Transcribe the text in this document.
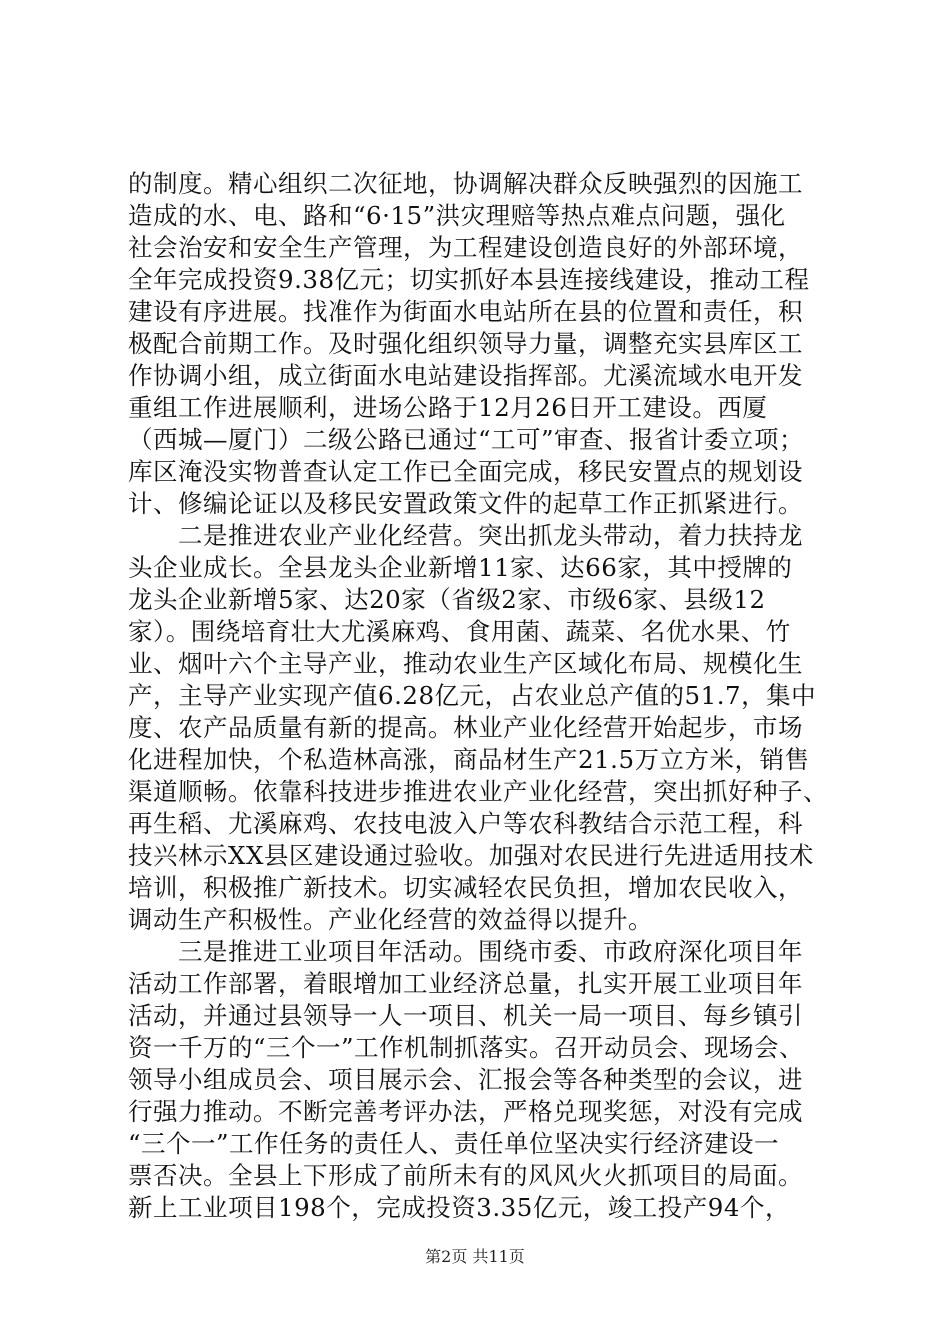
的制度。精心组织二次征地，协调解决群众反映强烈的因施工
造成的水、电、路和“6·15”洪灾理赔等热点难点问题，强化
社会治安和安全生产管理，为工程建设创造良好的外部环境，
全年完成投资9.38亿元；切实抓好本县连接线建设，推动工程
建设有序进展。找准作为街面水电站所在县的位置和责任，积
极配合前期工作。及时强化组织领导力量，调整充实县库区工
作协调小组，成立街面水电站建设指挥部。尤溪流域水电开发
重组工作进展顺利，进场公路于12月26日开工建设。西厦
（西城—厦门）二级公路已通过“工可”审查、报省计委立项；
库区淹没实物普查认定工作已全面完成，移民安置点的规划设
计、修编论证以及移民安置政策文件的起草工作正抓紧进行。
　　二是推进农业产业化经营。突出抓龙头带动，着力扶持龙
头企业成长。全县龙头企业新增11家、达66家，其中授牌的
龙头企业新增5家、达20家（省级2家、市级6家、县级12
家）。围绕培育壮大尤溪麻鸡、食用菌、蔬菜、名优水果、竹
业、烟叶六个主导产业，推动农业生产区域化布局、规模化生
产，主导产业实现产值6.28亿元，占农业总产值的51.7，集中
度、农产品质量有新的提高。林业产业化经营开始起步，市场
化进程加快，个私造林高涨，商品材生产21.5万立方米，销售
渠道顺畅。依靠科技进步推进农业产业化经营，突出抓好种子、
再生稻、尤溪麻鸡、农技电波入户等农科教结合示范工程，科
技兴林示XX县区建设通过验收。加强对农民进行先进适用技术
培训，积极推广新技术。切实减轻农民负担，增加农民收入，
调动生产积极性。产业化经营的效益得以提升。
　　三是推进工业项目年活动。围绕市委、市政府深化项目年
活动工作部署，着眼增加工业经济总量，扎实开展工业项目年
活动，并通过县领导一人一项目、机关一局一项目、每乡镇引
资一千万的“三个一”工作机制抓落实。召开动员会、现场会、
领导小组成员会、项目展示会、汇报会等各种类型的会议，进
行强力推动。不断完善考评办法，严格兑现奖惩，对没有完成
“三个一”工作任务的责任人、责任单位坚决实行经济建设一
票否决。全县上下形成了前所未有的风风火火抓项目的局面。
新上工业项目198个，完成投资3.35亿元，竣工投产94个，
第2页 共11页
